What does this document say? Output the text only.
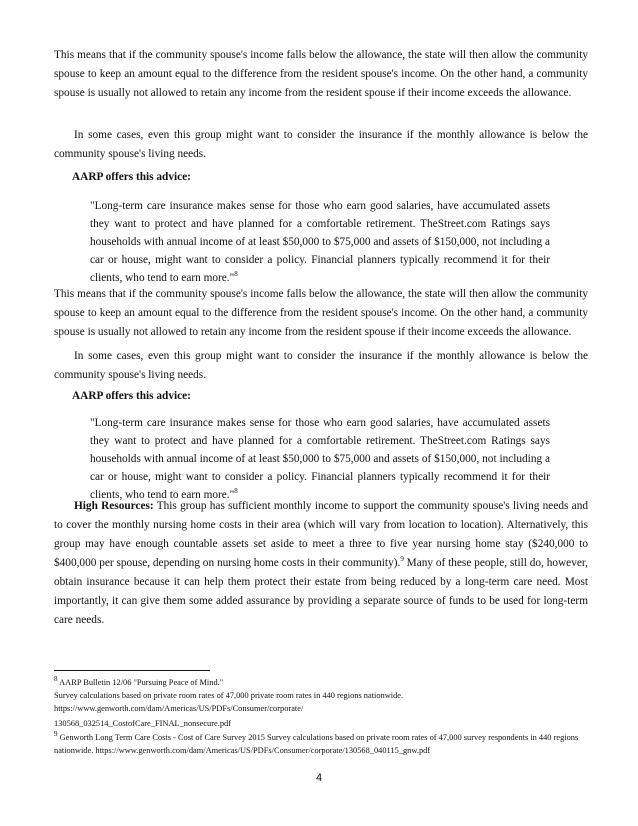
This means that if the community spouse's income falls below the allowance, the state will then allow the community spouse to keep an amount equal to the difference from the resident spouse's income. On the other hand, a community spouse is usually not allowed to retain any income from the resident spouse if their income exceeds the allowance.

In some cases, even this group might want to consider the insurance if the monthly allowance is below the community spouse's living needs.

AARP offers this advice:

"Long-term care insurance makes sense for those who earn good salaries, have accumulated assets they want to protect and have planned for a comfortable retirement. TheStreet.com Ratings says households with annual income of at least $50,000 to $75,000 and assets of $150,000, not including a car or house, might want to consider a policy. Financial planners typically recommend it for their clients, who tend to earn more."$^8$

This means that if the community spouse's income falls below the allowance, the state will then allow the community spouse to keep an amount equal to the difference from the resident spouse's income. On the other hand, a community spouse is usually not allowed to retain any income from the resident spouse if their income exceeds the allowance.

In some cases, even this group might want to consider the insurance if the monthly allowance is below the community spouse's living needs.

AARP offers this advice:

"Long-term care insurance makes sense for those who earn good salaries, have accumulated assets they want to protect and have planned for a comfortable retirement. TheStreet.com Ratings says households with annual income of at least $50,000 to $75,000 and assets of $150,000, not including a car or house, might want to consider a policy. Financial planners typically recommend it for their clients, who tend to earn more."$^8$

High Resources: This group has sufficient monthly income to support the community spouse's living needs and to cover the monthly nursing home costs in their area (which will vary from location to location). Alternatively, this group may have enough countable assets set aside to meet a three to five year nursing home stay ($240,000 to $400,000 per spouse, depending on nursing home costs in their community).$^9$ Many of these people, still do, however, obtain insurance because it can help them protect their estate from being reduced by a long-term care need. Most importantly, it can give them some added assurance by providing a separate source of funds to be used for long-term care needs.

$^8$ AARP Bulletin 12/06 "Pursuing Peace of Mind."
Survey calculations based on private room rates of 47,000 private room rates in 440 regions nationwide.
https://www.genworth.com/dam/Americas/US/PDFs/Consumer/corporate/

130568_032514_CostofCare_FINAL_nonsecure.pdf

$^9$ Genworth Long Term Care Costs - Cost of Care Survey 2015 Survey calculations based on private room rates of 47,000 survey respondents in 440 regions nationwide. https://www.genworth.com/dam/Americas/US/PDFs/Consumer/corporate/130568_040115_gnw.pdf

4
